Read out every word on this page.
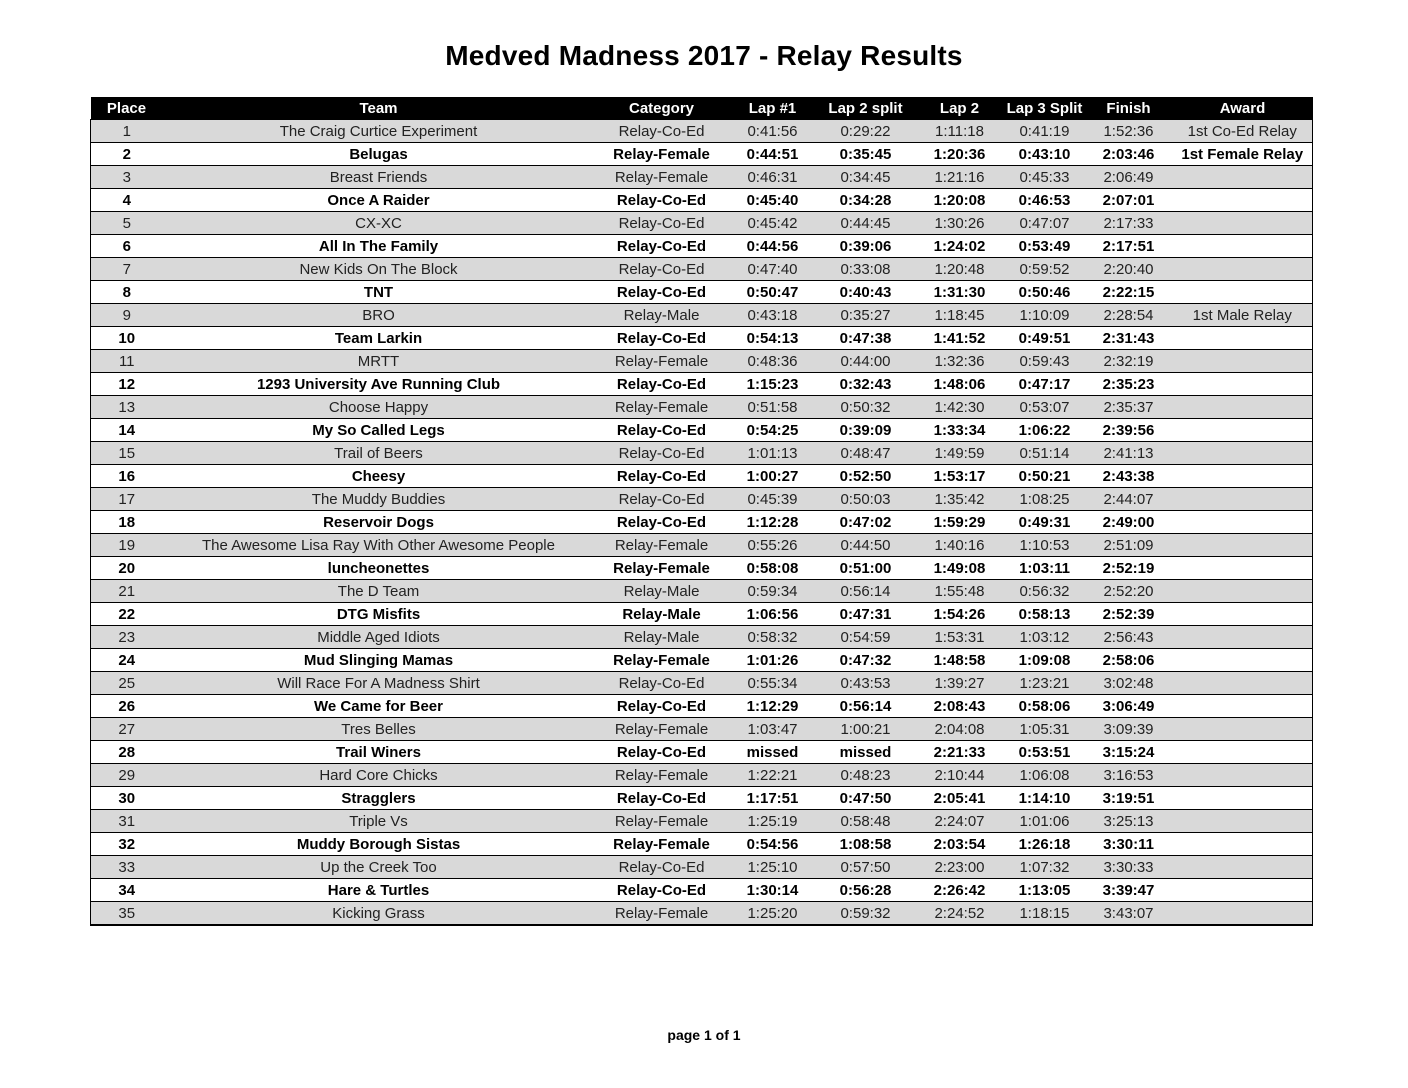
Medved Madness 2017 - Relay Results
Place	Team	Category	Lap #1	Lap 2 split	Lap 2	Lap 3 Split	Finish	Award
1	The Craig Curtice Experiment	Relay-Co-Ed	0:41:56	0:29:22	1:11:18	0:41:19	1:52:36	1st Co-Ed Relay
2	Belugas	Relay-Female	0:44:51	0:35:45	1:20:36	0:43:10	2:03:46	1st Female Relay
3	Breast Friends	Relay-Female	0:46:31	0:34:45	1:21:16	0:45:33	2:06:49	
4	Once A Raider	Relay-Co-Ed	0:45:40	0:34:28	1:20:08	0:46:53	2:07:01	
5	CX-XC	Relay-Co-Ed	0:45:42	0:44:45	1:30:26	0:47:07	2:17:33	
6	All In The Family	Relay-Co-Ed	0:44:56	0:39:06	1:24:02	0:53:49	2:17:51	
7	New Kids On The Block	Relay-Co-Ed	0:47:40	0:33:08	1:20:48	0:59:52	2:20:40	
8	TNT	Relay-Co-Ed	0:50:47	0:40:43	1:31:30	0:50:46	2:22:15	
9	BRO	Relay-Male	0:43:18	0:35:27	1:18:45	1:10:09	2:28:54	1st Male Relay
10	Team Larkin	Relay-Co-Ed	0:54:13	0:47:38	1:41:52	0:49:51	2:31:43	
11	MRTT	Relay-Female	0:48:36	0:44:00	1:32:36	0:59:43	2:32:19	
12	1293 University Ave Running Club	Relay-Co-Ed	1:15:23	0:32:43	1:48:06	0:47:17	2:35:23	
13	Choose Happy	Relay-Female	0:51:58	0:50:32	1:42:30	0:53:07	2:35:37	
14	My So Called Legs	Relay-Co-Ed	0:54:25	0:39:09	1:33:34	1:06:22	2:39:56	
15	Trail of Beers	Relay-Co-Ed	1:01:13	0:48:47	1:49:59	0:51:14	2:41:13	
16	Cheesy	Relay-Co-Ed	1:00:27	0:52:50	1:53:17	0:50:21	2:43:38	
17	The Muddy Buddies	Relay-Co-Ed	0:45:39	0:50:03	1:35:42	1:08:25	2:44:07	
18	Reservoir Dogs	Relay-Co-Ed	1:12:28	0:47:02	1:59:29	0:49:31	2:49:00	
19	The Awesome Lisa Ray With Other Awesome People	Relay-Female	0:55:26	0:44:50	1:40:16	1:10:53	2:51:09	
20	luncheonettes	Relay-Female	0:58:08	0:51:00	1:49:08	1:03:11	2:52:19	
21	The D Team	Relay-Male	0:59:34	0:56:14	1:55:48	0:56:32	2:52:20	
22	DTG Misfits	Relay-Male	1:06:56	0:47:31	1:54:26	0:58:13	2:52:39	
23	Middle Aged Idiots	Relay-Male	0:58:32	0:54:59	1:53:31	1:03:12	2:56:43	
24	Mud Slinging Mamas	Relay-Female	1:01:26	0:47:32	1:48:58	1:09:08	2:58:06	
25	Will Race For A Madness Shirt	Relay-Co-Ed	0:55:34	0:43:53	1:39:27	1:23:21	3:02:48	
26	We Came for Beer	Relay-Co-Ed	1:12:29	0:56:14	2:08:43	0:58:06	3:06:49	
27	Tres Belles	Relay-Female	1:03:47	1:00:21	2:04:08	1:05:31	3:09:39	
28	Trail Winers	Relay-Co-Ed	missed	missed	2:21:33	0:53:51	3:15:24	
29	Hard Core Chicks	Relay-Female	1:22:21	0:48:23	2:10:44	1:06:08	3:16:53	
30	Stragglers	Relay-Co-Ed	1:17:51	0:47:50	2:05:41	1:14:10	3:19:51	
31	Triple Vs	Relay-Female	1:25:19	0:58:48	2:24:07	1:01:06	3:25:13	
32	Muddy Borough Sistas	Relay-Female	0:54:56	1:08:58	2:03:54	1:26:18	3:30:11	
33	Up the Creek Too	Relay-Co-Ed	1:25:10	0:57:50	2:23:00	1:07:32	3:30:33	
34	Hare & Turtles	Relay-Co-Ed	1:30:14	0:56:28	2:26:42	1:13:05	3:39:47	
35	Kicking Grass	Relay-Female	1:25:20	0:59:32	2:24:52	1:18:15	3:43:07	
page 1 of 1
